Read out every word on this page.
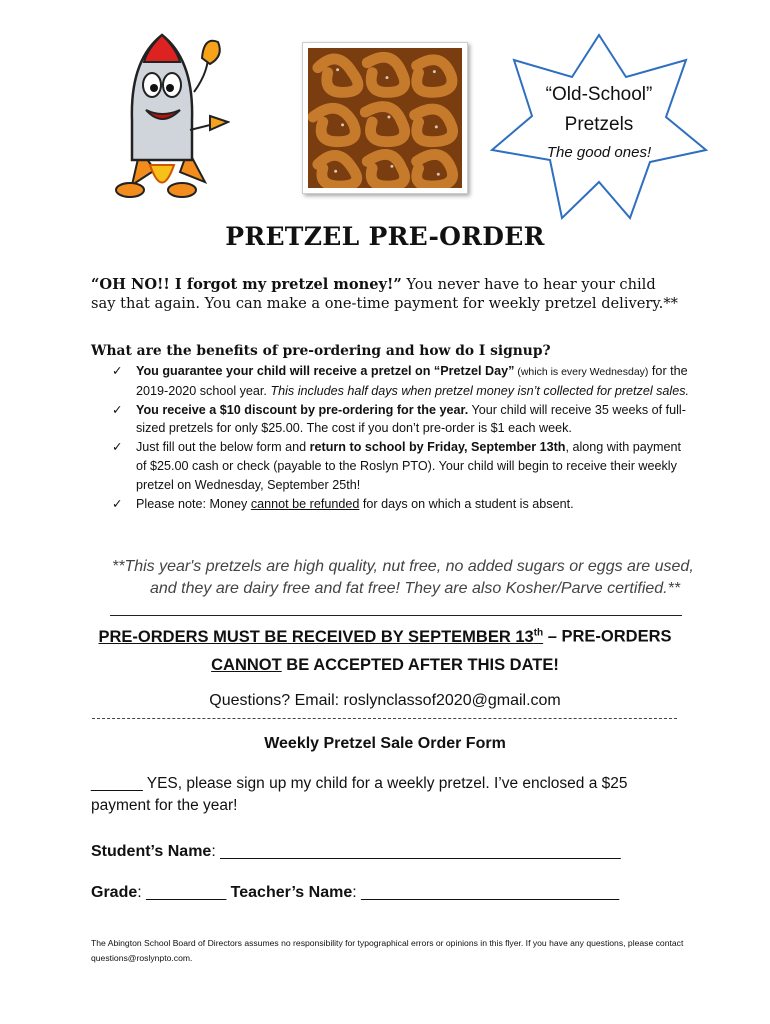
“Old-School”
Pretzels
The good ones!
PRETZEL PRE-ORDER
“OH NO!! I forgot my pretzel money!” You never have to hear your child say that again. You can make a one-time payment for weekly pretzel delivery.**
What are the benefits of pre-ordering and how do I signup?
✓ You guarantee your child will receive a pretzel on “Pretzel Day” (which is every Wednesday) for the 2019-2020 school year. This includes half days when pretzel money isn’t collected for pretzel sales.
✓ You receive a $10 discount by pre-ordering for the year. Your child will receive 35 weeks of full-sized pretzels for only $25.00. The cost if you don’t pre-order is $1 each week.
✓ Just fill out the below form and return to school by Friday, September 13th, along with payment of $25.00 cash or check (payable to the Roslyn PTO). Your child will begin to receive their weekly pretzel on Wednesday, September 25th!
✓ Please note: Money cannot be refunded for days on which a student is absent.
**This year's pretzels are high quality, nut free, no added sugars or eggs are used,
and they are dairy free and fat free! They are also Kosher/Parve certified.**
PRE-ORDERS MUST BE RECEIVED BY SEPTEMBER 13th – PRE-ORDERS
CANNOT BE ACCEPTED AFTER THIS DATE!
Questions? Email: roslynclassof2020@gmail.com
Weekly Pretzel Sale Order Form
______ YES, please sign up my child for a weekly pretzel. I’ve enclosed a $25 payment for the year!
Student’s Name: _____________________________________________
Grade: _________ Teacher’s Name: _____________________________
The Abington School Board of Directors assumes no responsibility for typographical errors or opinions in this flyer. If you have any questions, please contact questions@roslynpto.com.
